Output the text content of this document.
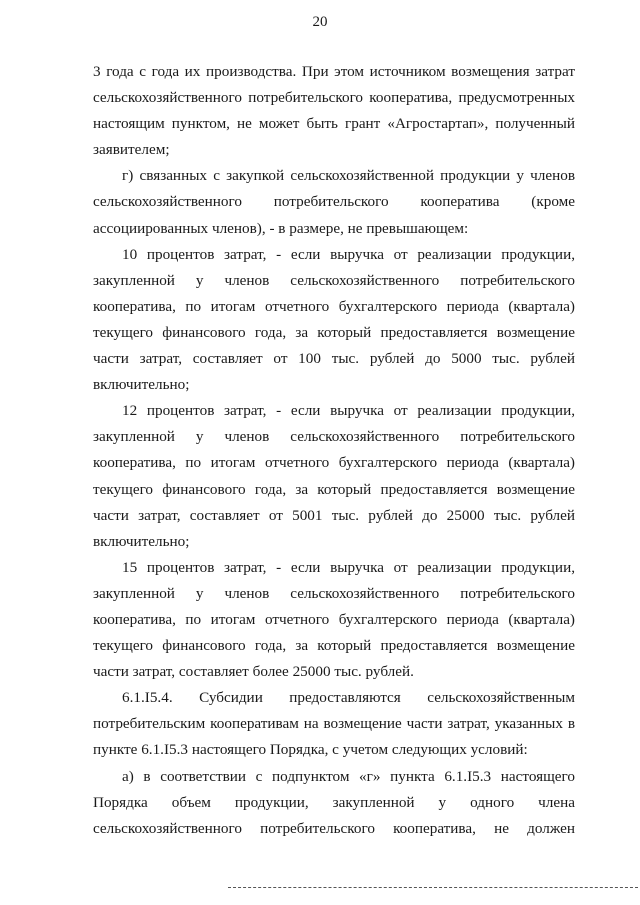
20
3 года с года их производства. При этом источником возмещения затрат
сельскохозяйственного потребительского кооператива, предусмотренных
настоящим пунктом, не может быть грант «Агростартап», полученный
заявителем;
г) связанных с закупкой сельскохозяйственной продукции у членов
сельскохозяйственного потребительского кооператива (кроме
ассоциированных членов), - в размере, не превышающем:
10 процентов затрат, - если выручка от реализации продукции,
закупленной у членов сельскохозяйственного потребительского
кооператива, по итогам отчетного бухгалтерского периода (квартала)
текущего финансового года, за который предоставляется возмещение
части затрат, составляет от 100 тыс. рублей до 5000 тыс. рублей
включительно;
12 процентов затрат, - если выручка от реализации продукции,
закупленной у членов сельскохозяйственного потребительского
кооператива, по итогам отчетного бухгалтерского периода (квартала)
текущего финансового года, за который предоставляется возмещение
части затрат, составляет от 5001 тыс. рублей до 25000 тыс. рублей
включительно;
15 процентов затрат, - если выручка от реализации продукции,
закупленной у членов сельскохозяйственного потребительского
кооператива, по итогам отчетного бухгалтерского периода (квартала)
текущего финансового года, за который предоставляется возмещение
части затрат, составляет более 25000 тыс. рублей.
6.1.I5.4. Субсидии предоставляются сельскохозяйственным
потребительским кооперативам на возмещение части затрат, указанных в
пункте 6.1.I5.3 настоящего Порядка, с учетом следующих условий:
а) в соответствии с подпунктом «г» пункта 6.1.I5.3 настоящего
Порядка объем продукции, закупленной у одного члена
сельскохозяйственного потребительского кооператива, не должен
